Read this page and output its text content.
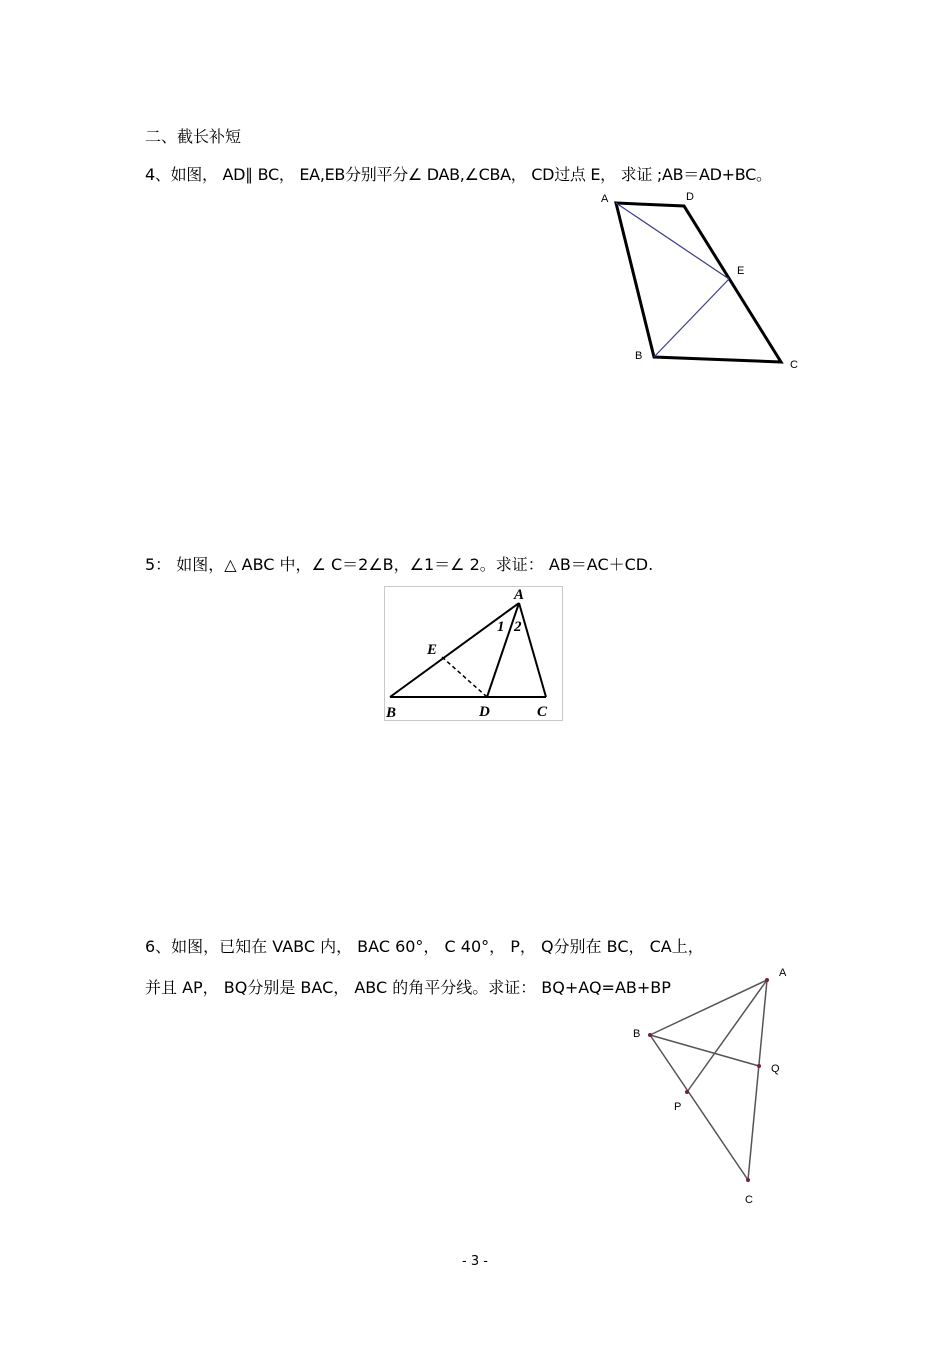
二、截长补短
4、如图， AD∥ BC， EA,EB分别平分∠ DAB,∠CBA， CD过点 E， 求证 ;AB＝AD+BC。
A	D
E
B
C
5： 如图，△ ABC 中，∠ C＝2∠B，∠1＝∠ 2。求证： AB＝AC＋CD.
A
E
B	D	C
1 2
6、如图，已知在 VABC 内， BAC 60°， C 40°， P， Q分别在 BC， CA上，
并且 AP， BQ分别是 BAC， ABC 的角平分线。求证： BQ+AQ=AB+BP
A
B
Q
P
C
- 3 -
